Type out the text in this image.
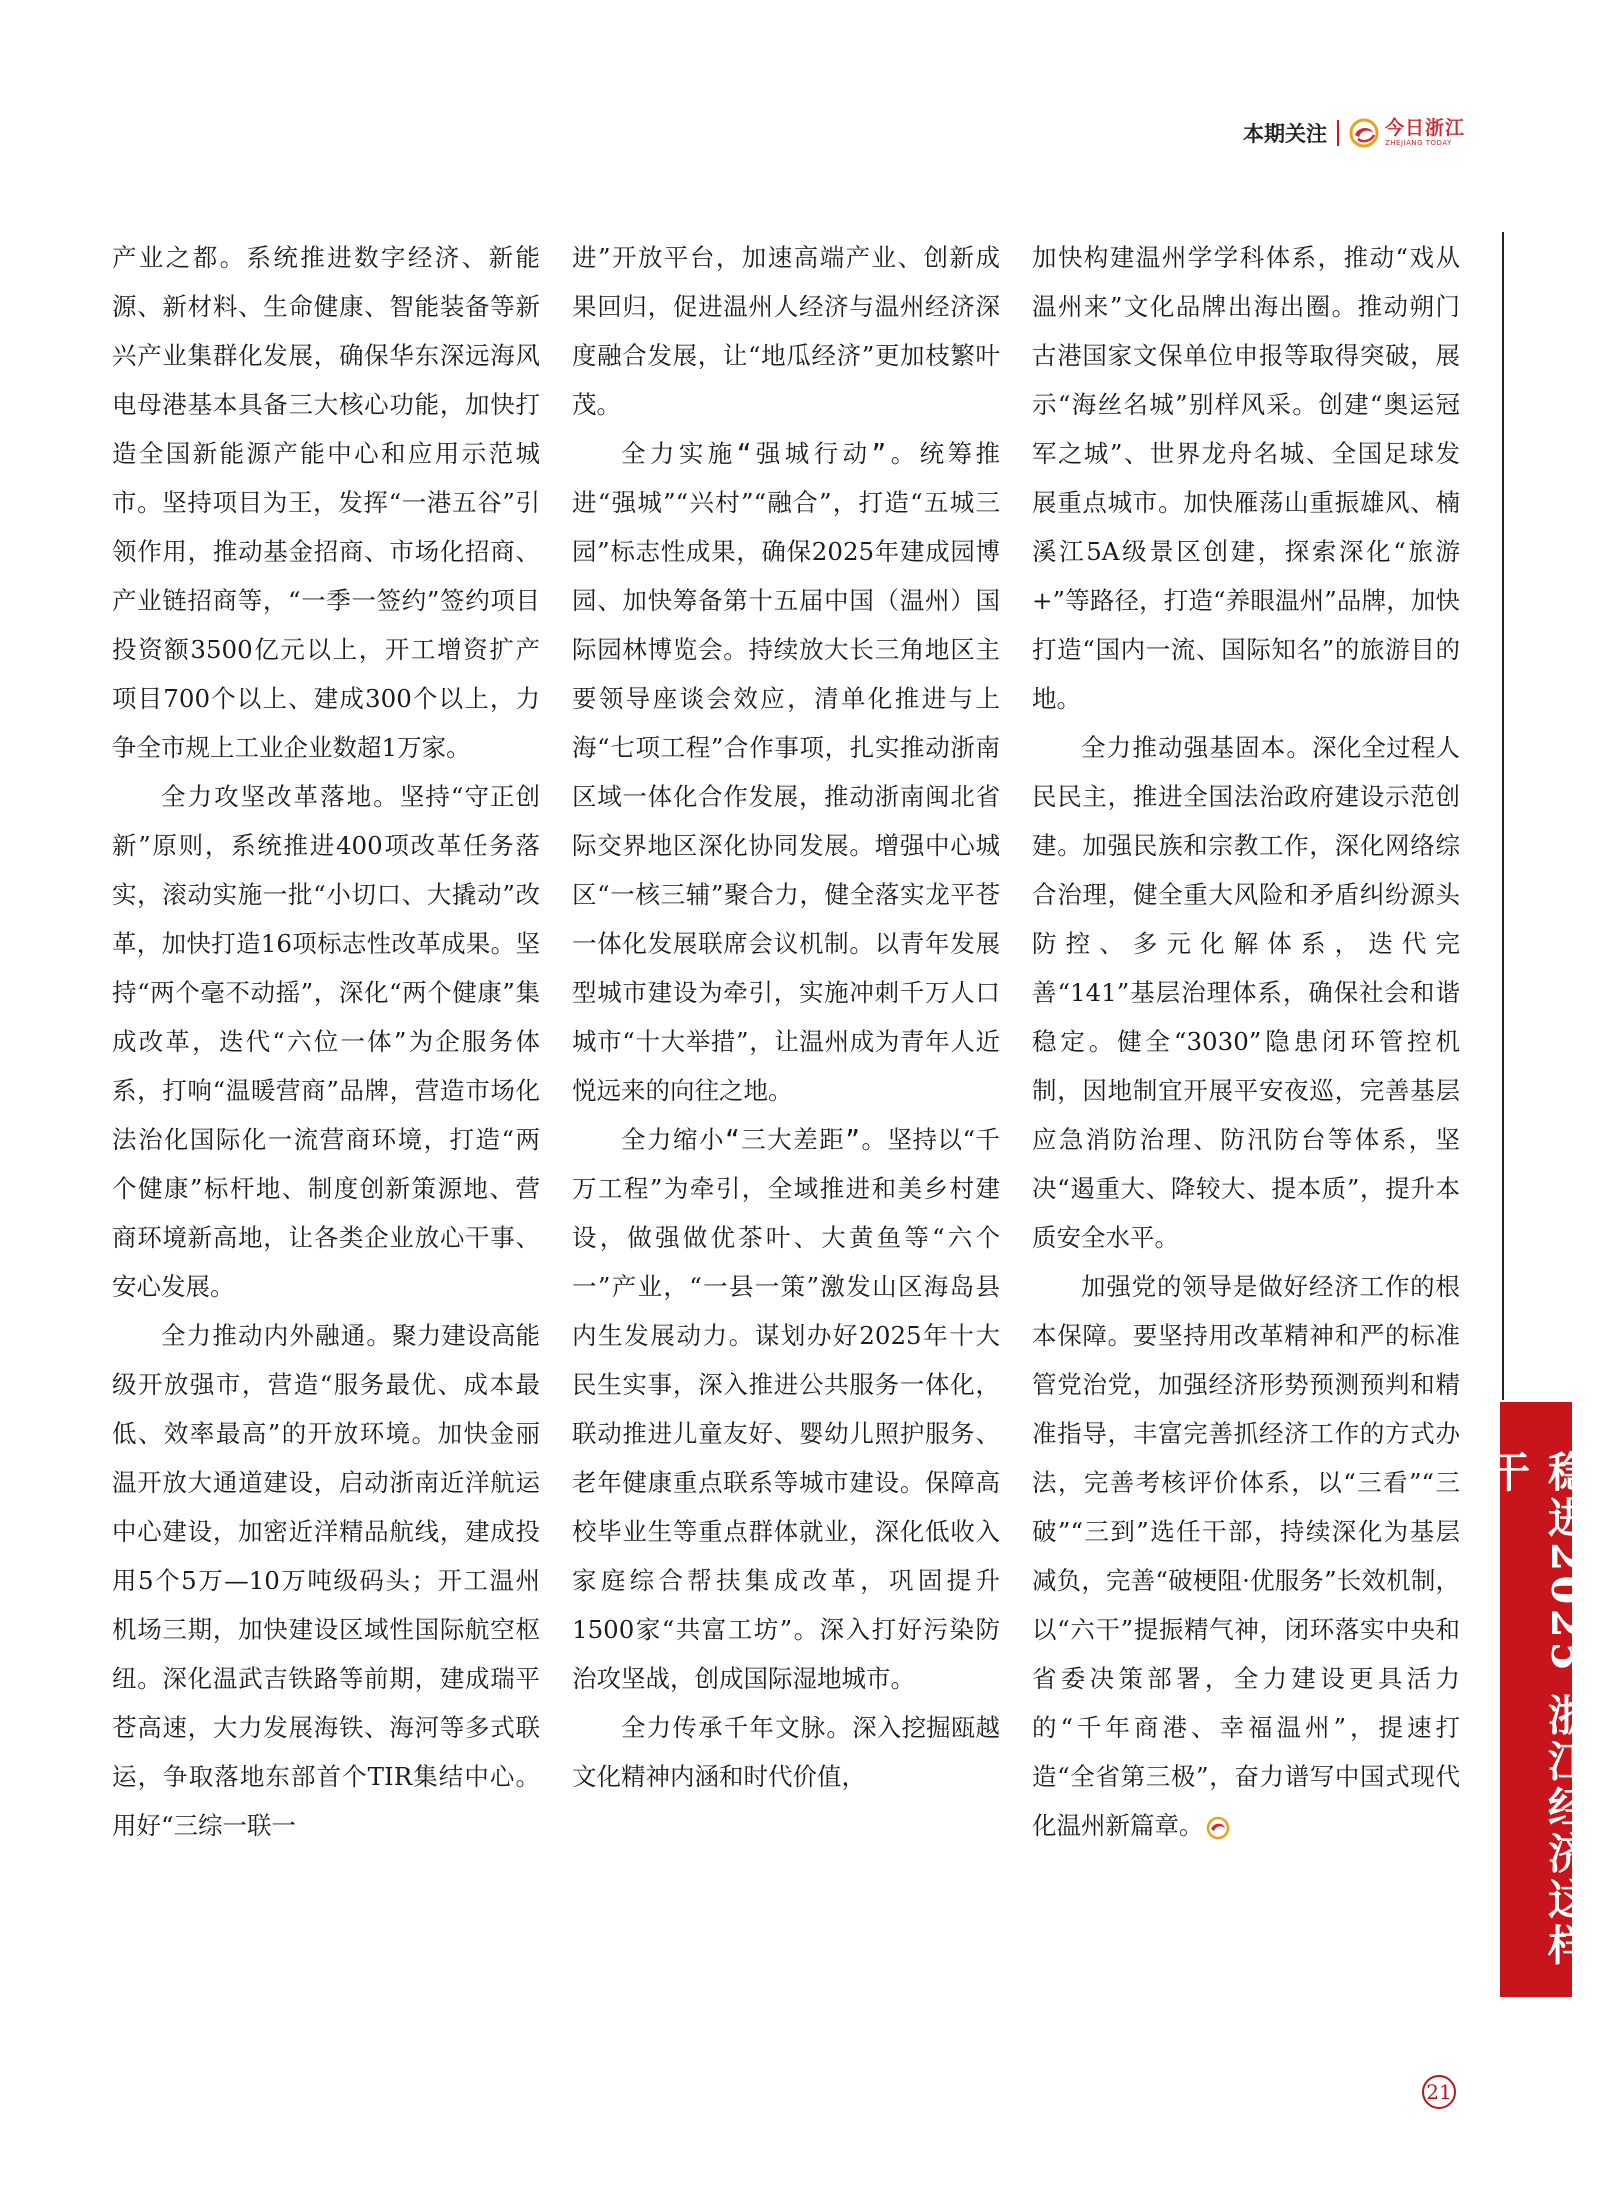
本期关注	今日浙江
ZHEJIANG TODAY

产业之都。系统推进数字经济、新能源、新材料、生命健康、智能装备等新兴产业集群化发展，确保华东深远海风电母港基本具备三大核心功能，加快打造全国新能源产能中心和应用示范城市。坚持项目为王，发挥“一港五谷”引领作用，推动基金招商、市场化招商、产业链招商等，“一季一签约”签约项目投资额3500亿元以上，开工增资扩产项目700个以上、建成300个以上，力争全市规上工业企业数超1万家。

全力攻坚改革落地。坚持“守正创新”原则，系统推进400项改革任务落实，滚动实施一批“小切口、大撬动”改革，加快打造16项标志性改革成果。坚持“两个毫不动摇”，深化“两个健康”集成改革，迭代“六位一体”为企服务体系，打响“温暖营商”品牌，营造市场化法治化国际化一流营商环境，打造“两个健康”标杆地、制度创新策源地、营商环境新高地，让各类企业放心干事、安心发展。

全力推动内外融通。聚力建设高能级开放强市，营造“服务最优、成本最低、效率最高”的开放环境。加快金丽温开放大通道建设，启动浙南近洋航运中心建设，加密近洋精品航线，建成投用5个5万—10万吨级码头；开工温州机场三期，加快建设区域性国际航空枢纽。深化温武吉铁路等前期，建成瑞平苍高速，大力发展海铁、海河等多式联运，争取落地东部首个TIR集结中心。用好“三综一联一

进”开放平台，加速高端产业、创新成果回归，促进温州人经济与温州经济深度融合发展，让“地瓜经济”更加枝繁叶茂。

全力实施“强城行动”。统筹推进“强城”“兴村”“融合”，打造“五城三园”标志性成果，确保2025年建成园博园、加快筹备第十五届中国（温州）国际园林博览会。持续放大长三角地区主要领导座谈会效应，清单化推进与上海“七项工程”合作事项，扎实推动浙南区域一体化合作发展，推动浙南闽北省际交界地区深化协同发展。增强中心城区“一核三辅”聚合力，健全落实龙平苍一体化发展联席会议机制。以青年发展型城市建设为牵引，实施冲刺千万人口城市“十大举措”，让温州成为青年人近悦远来的向往之地。

全力缩小“三大差距”。坚持以“千万工程”为牵引，全域推进和美乡村建设，做强做优茶叶、大黄鱼等“六个一”产业，“一县一策”激发山区海岛县内生发展动力。谋划办好2025年十大民生实事，深入推进公共服务一体化，联动推进儿童友好、婴幼儿照护服务、老年健康重点联系等城市建设。保障高校毕业生等重点群体就业，深化低收入家庭综合帮扶集成改革，巩固提升1500家“共富工坊”。深入打好污染防治攻坚战，创成国际湿地城市。

全力传承千年文脉。深入挖掘瓯越文化精神内涵和时代价值，

加快构建温州学学科体系，推动“戏从温州来”文化品牌出海出圈。推动朔门古港国家文保单位申报等取得突破，展示“海丝名城”别样风采。创建“奥运冠军之城”、世界龙舟名城、全国足球发展重点城市。加快雁荡山重振雄风、楠溪江5A级景区创建，探索深化“旅游+”等路径，打造“养眼温州”品牌，加快打造“国内一流、国际知名”的旅游目的地。

全力推动强基固本。深化全过程人民民主，推进全国法治政府建设示范创建。加强民族和宗教工作，深化网络综合治理，健全重大风险和矛盾纠纷源头防控、多元化解体系，迭代完善“141”基层治理体系，确保社会和谐稳定。健全“3030”隐患闭环管控机制，因地制宜开展平安夜巡，完善基层应急消防治理、防汛防台等体系，坚决“遏重大、降较大、提本质”，提升本质安全水平。

加强党的领导是做好经济工作的根本保障。要坚持用改革精神和严的标准管党治党，加强经济形势预测预判和精准指导，丰富完善抓经济工作的方式办法，完善考核评价体系，以“三看”“三破”“三到”选任干部，持续深化为基层减负，完善“破梗阻·优服务”长效机制，以“六干”提振精气神，闭环落实中央和省委决策部署，全力建设更具活力的“千年商港、幸福温州”，提速打造“全省第三极”，奋力谱写中国式现代化温州新篇章。	稳进2025 浙江经济这样干
21
